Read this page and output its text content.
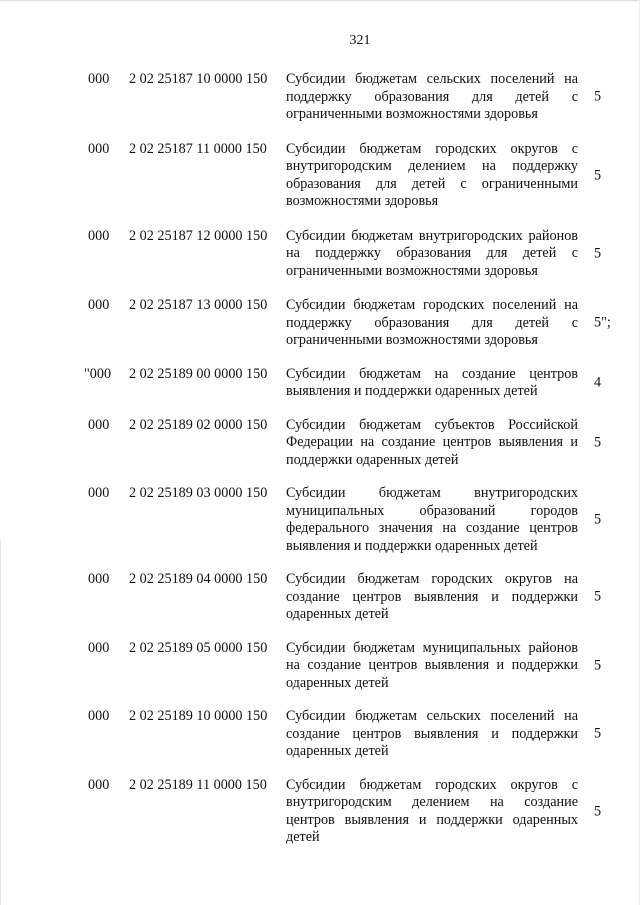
321
000 2 02 25187 10 0000 150 Субсидии бюджетам сельских поселений на поддержку образования для детей с ограниченными возможностями здоровья
5
000 2 02 25187 11 0000 150 Субсидии бюджетам городских округов с внутригородским делением на поддержку образования для детей с ограниченными возможностями здоровья
5
000 2 02 25187 12 0000 150 Субсидии бюджетам внутригородских районов на поддержку образования для детей с ограниченными возможностями здоровья
5
000 2 02 25187 13 0000 150 Субсидии бюджетам городских поселений на поддержку образования для детей с ограниченными возможностями здоровья
5";
"000 2 02 25189 00 0000 150 Субсидии бюджетам на создание центров выявления и поддержки одаренных детей
4
000 2 02 25189 02 0000 150 Субсидии бюджетам субъектов Российской Федерации на создание центров выявления и поддержки одаренных детей
5
000 2 02 25189 03 0000 150 Субсидии бюджетам внутригородских муниципальных образований городов федерального значения на создание центров выявления и поддержки одаренных детей
5
000 2 02 25189 04 0000 150 Субсидии бюджетам городских округов на создание центров выявления и поддержки одаренных детей
5
000 2 02 25189 05 0000 150 Субсидии бюджетам муниципальных районов на создание центров выявления и поддержки одаренных детей
5
000 2 02 25189 10 0000 150 Субсидии бюджетам сельских поселений на создание центров выявления и поддержки одаренных детей
5
000 2 02 25189 11 0000 150 Субсидии бюджетам городских округов с внутригородским делением на создание центров выявления и поддержки одаренных детей
5
